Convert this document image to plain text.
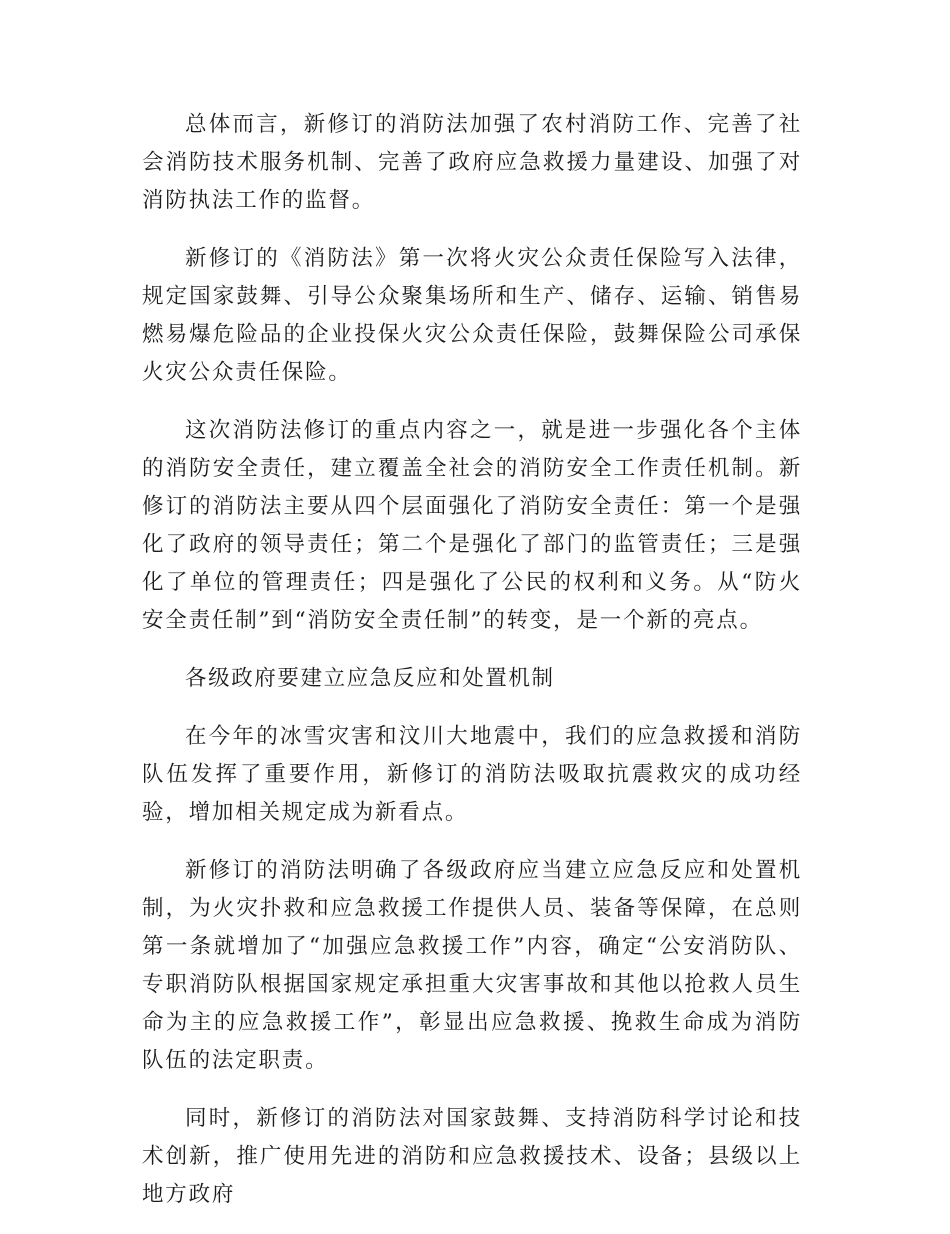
总体而言，新修订的消防法加强了农村消防工作、完善了社会消防技术服务机制、完善了政府应急救援力量建设、加强了对消防执法工作的监督。

新修订的《消防法》第一次将火灾公众责任保险写入法律，规定国家鼓舞、引导公众聚集场所和生产、储存、运输、销售易燃易爆危险品的企业投保火灾公众责任保险，鼓舞保险公司承保火灾公众责任保险。

这次消防法修订的重点内容之一，就是进一步强化各个主体的消防安全责任，建立覆盖全社会的消防安全工作责任机制。新修订的消防法主要从四个层面强化了消防安全责任：第一个是强化了政府的领导责任；第二个是强化了部门的监管责任；三是强化了单位的管理责任；四是强化了公民的权利和义务。从“防火安全责任制”到“消防安全责任制”的转变，是一个新的亮点。

各级政府要建立应急反应和处置机制

在今年的冰雪灾害和汶川大地震中，我们的应急救援和消防队伍发挥了重要作用，新修订的消防法吸取抗震救灾的成功经验，增加相关规定成为新看点。

新修订的消防法明确了各级政府应当建立应急反应和处置机制，为火灾扑救和应急救援工作提供人员、装备等保障，在总则第一条就增加了“加强应急救援工作”内容，确定“公安消防队、专职消防队根据国家规定承担重大灾害事故和其他以抢救人员生命为主的应急救援工作”，彰显出应急救援、挽救生命成为消防队伍的法定职责。

同时，新修订的消防法对国家鼓舞、支持消防科学讨论和技术创新，推广使用先进的消防和应急救援技术、设备；县级以上地方政府
